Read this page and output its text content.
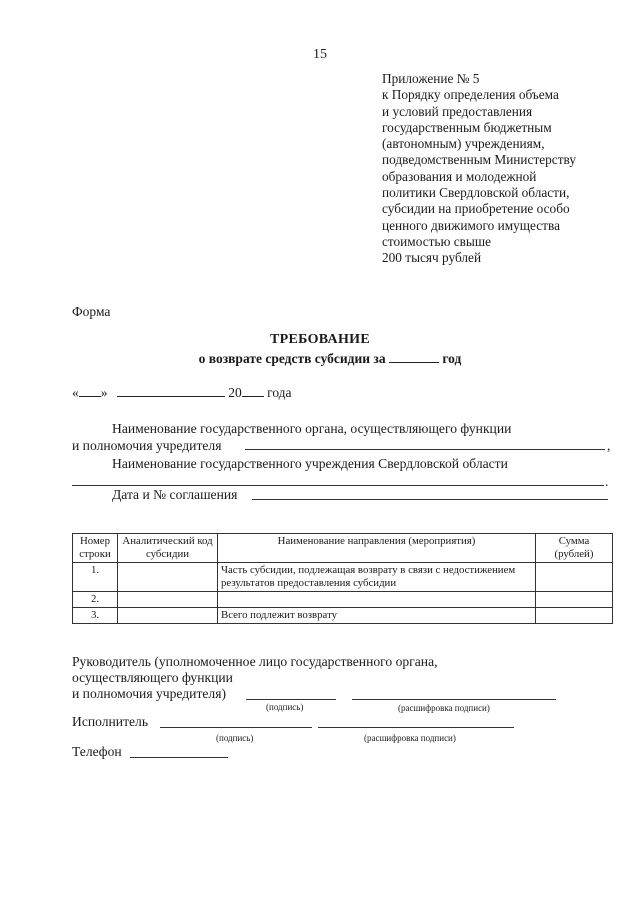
15
Приложение № 5
к Порядку определения объема
и условий предоставления
государственным бюджетным
(автономным) учреждениям,
подведомственным Министерству
образования и молодежной
политики Свердловской области,
субсидии на приобретение особо
ценного движимого имущества
стоимостью свыше
200 тысяч рублей
Форма
ТРЕБОВАНИЕ
о возврате средств субсидии за	год
« »	20 года
Наименование государственного органа, осуществляющего функции
и полномочия учредителя	,
Наименование государственного учреждения Свердловской области
.
Дата и № соглашения
Номер строки	Аналитический код субсидии	Наименование направления (мероприятия)	Сумма (рублей)
1.		Часть субсидии, подлежащая возврату в связи с недостижением результатов предоставления субсидии	
2.			
3.		Всего подлежит возврату	
Руководитель (уполномоченное лицо государственного органа,
осуществляющего функции
и полномочия учредителя)
(подпись)	(расшифровка подписи)
Исполнитель
(подпись)	(расшифровка подписи)
Телефон
